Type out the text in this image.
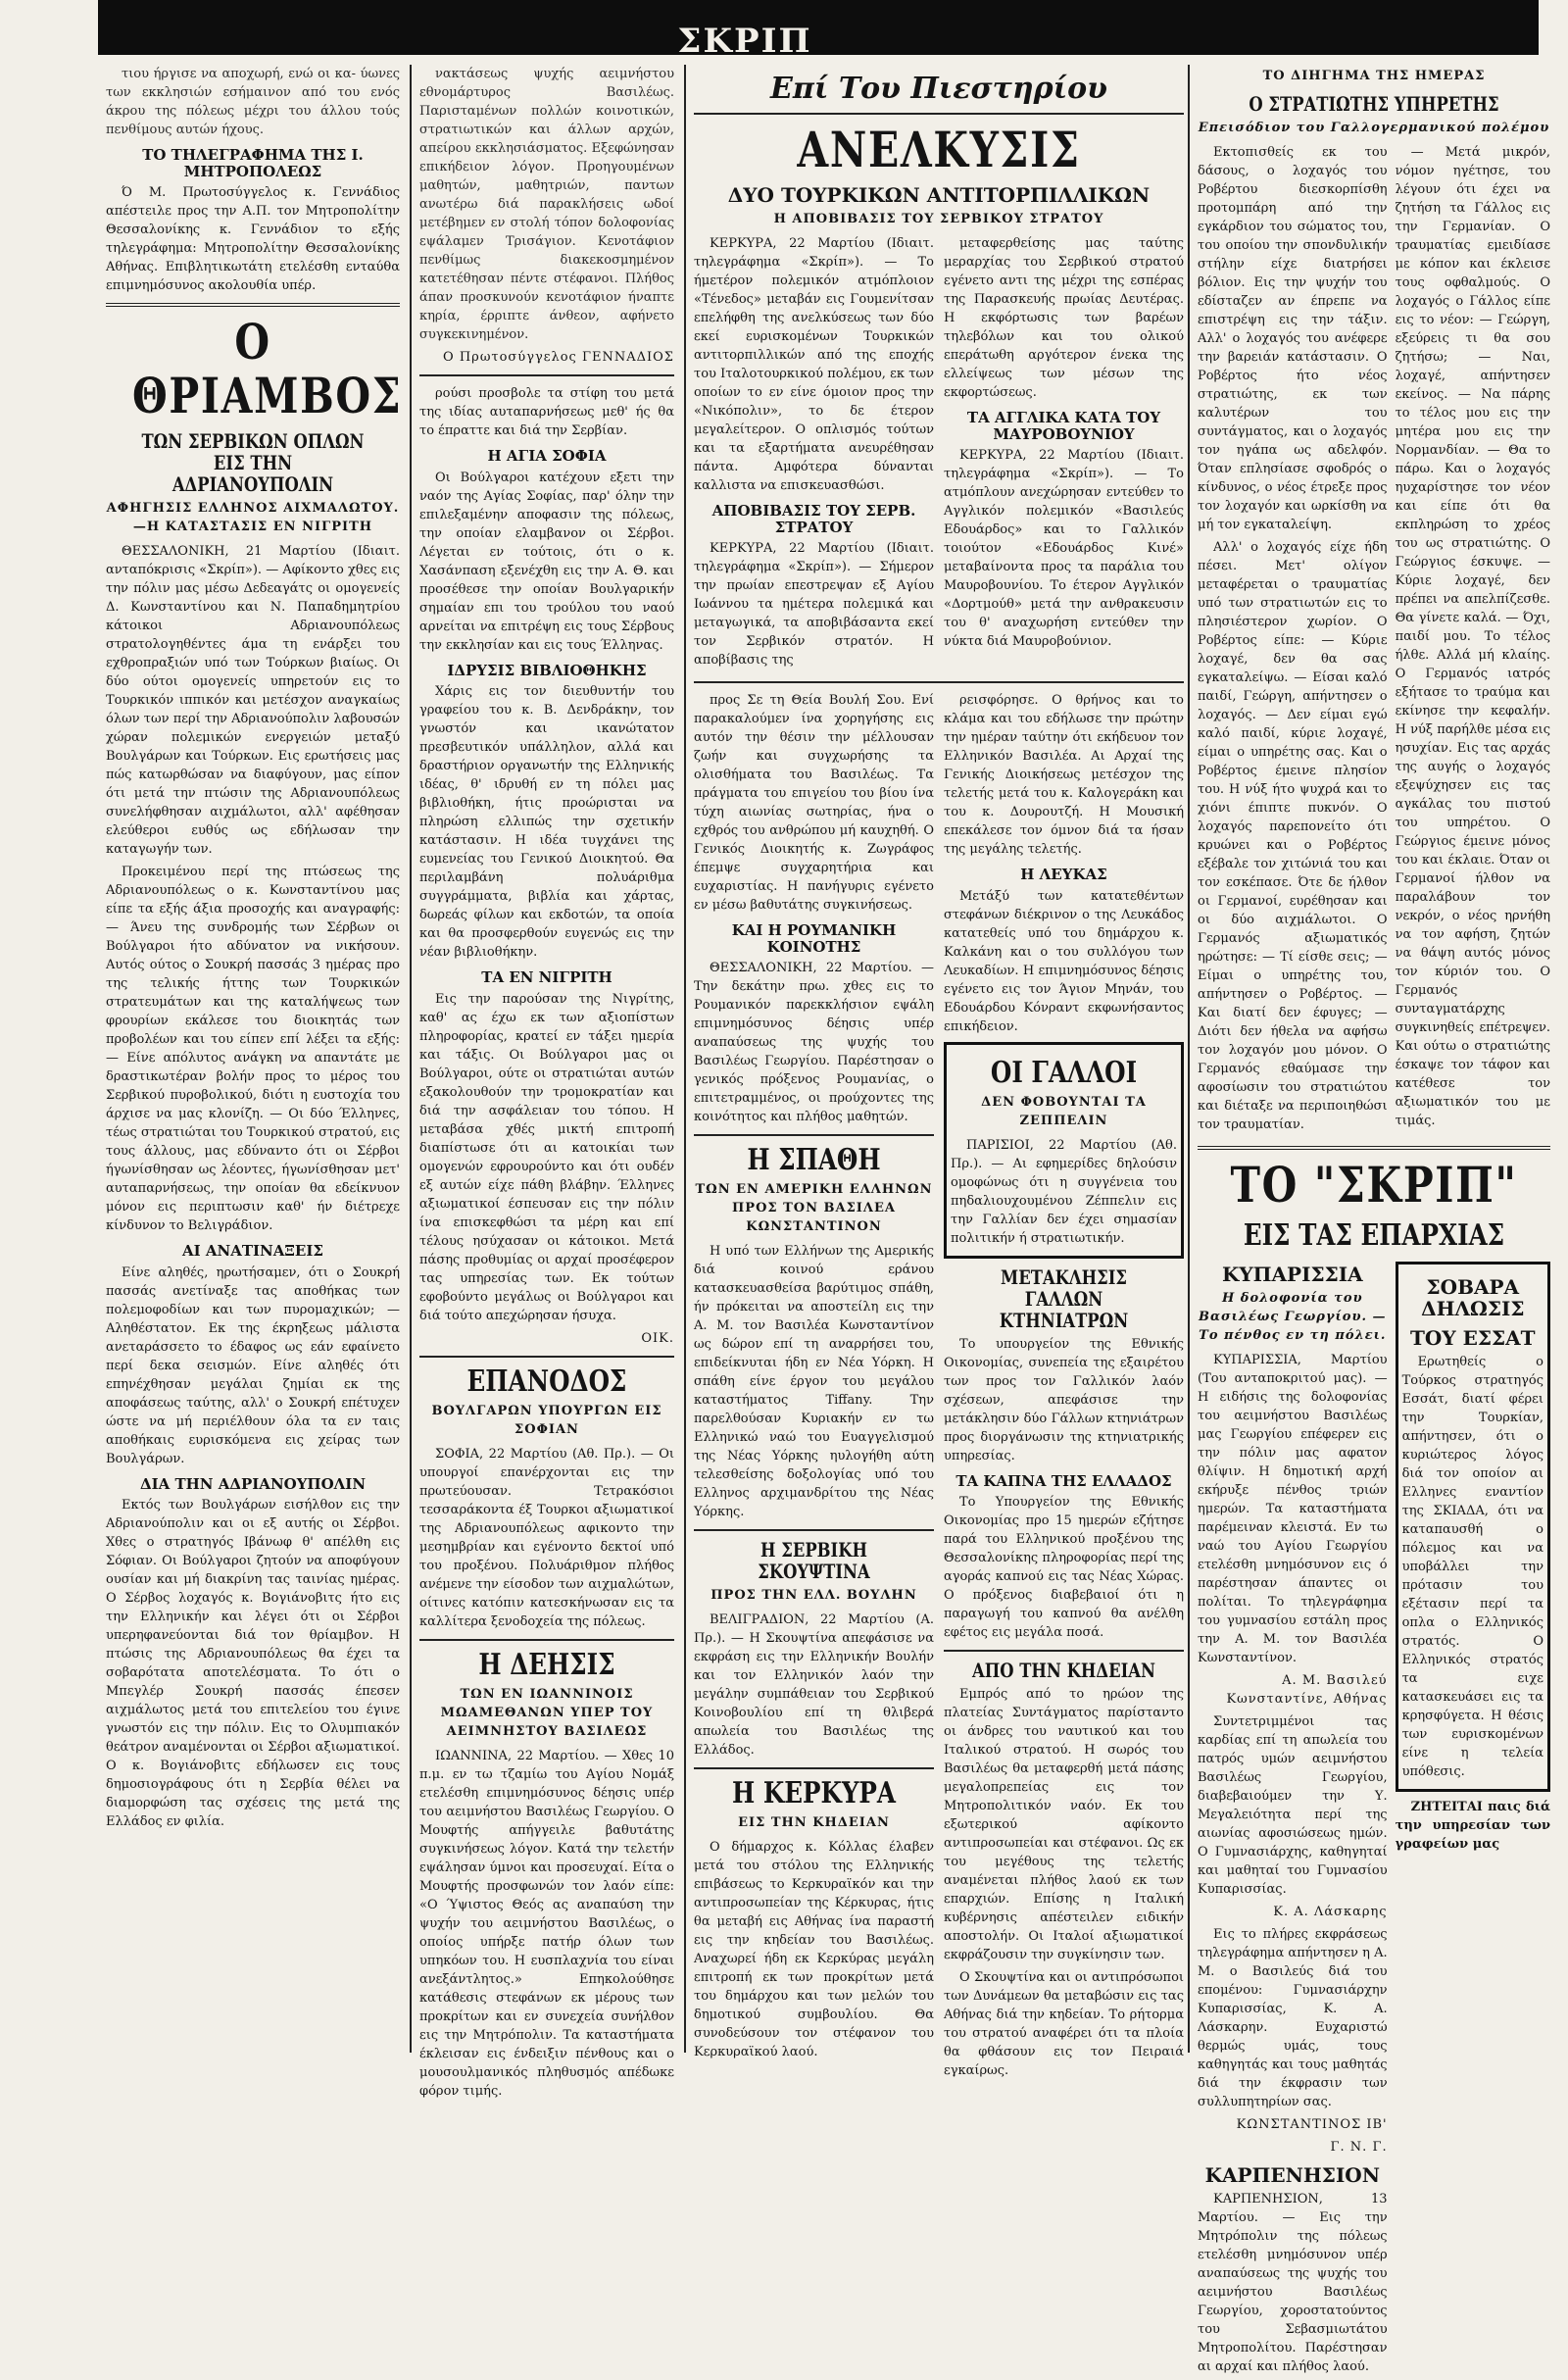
ΣΚΡΙΠ

τιου ήργισε να αποχωρή, ενώ οι κα- ύωνες των εκκλησιών εσήμαινον από του ενός άκρου της πόλεως μέχρι του άλλου τούς πενθίμους αυτών ήχους.

ΤΟ ΤΗΛΕΓΡΑΦΗΜΑ ΤΗΣ Ι. ΜΗΤΡΟΠΟΛΕΩΣ

Ό Μ. Πρωτοσύγγελος κ. Γεννάδιος απέστειλε προς την Α.Π. τον Μητροπολίτην Θεσσαλονίκης κ. Γεννάδιον το εξής τηλεγράφημα: Μητροπολίτην Θεσσαλονίκης Αθήνας. Επιβλητικωτάτη ετελέσθη ενταύθα επιμνημόσυνος ακολουθία υπέρ.

Ο ΘΡΙΑΜΒΟΣ
ΤΩΝ ΣΕΡΒΙΚΩΝ ΟΠΛΩΝ ΕΙΣ ΤΗΝ ΑΔΡΙΑΝΟΥΠΟΛΙΝ
ΑΦΗΓΗΣΙΣ ΕΛΛΗΝΟΣ ΑΙΧΜΑΛΩΤΟΥ.—Η ΚΑΤΑΣΤΑΣΙΣ ΕΝ ΝΙΓΡΙΤΗ

ΘΕΣΣΑΛΟΝΙΚΗ, 21 Μαρτίου (Ιδιαιτ. ανταπόκρισις «Σκρίπ»). — Αφίκοντο χθες εις την πόλιν μας μέσω Δεδεαγάτς οι ομογενείς Δ. Κωνσταντίνου και Ν. Παπαδημητρίου κάτοικοι Αδριανουπόλεως στρατολογηθέντες άμα τη ενάρξει του εχθροπραξιών υπό των Τούρκων βιαίως. Οι δύο ούτοι ομογενείς υπηρετούν εις το Τουρκικόν ιππικόν και μετέσχον αναγκαίως όλων των περί την Αδριανούπολιν λαβουσών χώραν πολεμικών ενεργειών μεταξύ Βουλγάρων και Τούρκων. Εις ερωτήσεις μας πώς κατωρθώσαν να διαφύγουν, μας είπον ότι μετά την πτώσιν της Αδριανουπόλεως συνελήφθησαν αιχμάλωτοι, αλλ' αφέθησαν ελεύθεροι ευθύς ως εδήλωσαν την καταγωγήν των.

Προκειμένου περί της πτώσεως της Αδριανουπόλεως ο κ. Κωνσταντίνου μας είπε τα εξής άξια προσοχής και αναγραφής: — Άνευ της συνδρομής των Σέρβων οι Βούλγαροι ήτο αδύνατον να νικήσουν. Αυτός ούτος ο Σουκρή πασσάς 3 ημέρας προ της τελικής ήττης των Τουρκικών στρατευμάτων και της καταλήψεως των φρουρίων εκάλεσε του διοικητάς των προβολέων και του είπεν επί λέξει τα εξής: — Είνε απόλυτος ανάγκη να απαντάτε με δραστικωτέραν βολήν προς το μέρος του Σερβικού πυροβολικού, διότι η ευστοχία του άρχισε να μας κλονίζη. — Οι δύο Έλληνες, τέως στρατιώται του Τουρκικού στρατού, εις τους άλλους, μας εδύναντο ότι οι Σέρβοι ήγωνίσθησαν ως λέοντες, ήγωνίσθησαν μετ' αυταπαρνήσεως, την οποίαν θα εδείκνυον μόνον εις περιπτωσιν καθ' ήν διέτρεχε κίνδυνον το Βελιγράδιον.

ΑΙ ΑΝΑΤΙΝΑΞΕΙΣ

Είνε αληθές, ηρωτήσαμεν, ότι ο Σουκρή πασσάς ανετίναξε τας αποθήκας των πολεμοφοδίων και των πυρομαχικών; — Αληθέστατον. Εκ της έκρηξεως μάλιστα ανεταράσσετο το έδαφος ως εάν εφαίνετο περί δεκα σεισμών. Είνε αληθές ότι επηνέχθησαν μεγάλαι ζημίαι εκ της αποφάσεως ταύτης, αλλ' ο Σουκρή επέτυχεν ώστε να μή περιέλθουν όλα τα εν ταις αποθήκαις ευρισκόμενα εις χείρας των Βουλγάρων.

ΔΙΑ ΤΗΝ ΑΔΡΙΑΝΟΥΠΟΛΙΝ

Εκτός των Βουλγάρων εισήλθον εις την Αδριανούπολιν και οι εξ αυτής οι Σέρβοι. Χθες ο στρατηγός Ιβάνωφ θ' απέλθη εις Σόφιαν. Οι Βούλγαροι ζητούν να αποφύγουν ουσίαν και μή διακρίνη τας ταινίας ημέρας. Ο Σέρβος λοχαγός κ. Βογιάνοβιτς ήτο εις την Ελληνικήν και λέγει ότι οι Σέρβοι υπερηφανεύονται διά τον θρίαμβον. Η πτώσις της Αδριανουπόλεως θα έχει τα σοβαρότατα αποτελέσματα. Το ότι ο Μπεγλέρ Σουκρή πασσάς έπεσεν αιχμάλωτος μετά του επιτελείου του έγινε γνωστόν εις την πόλιν. Εις το Ολυμπιακόν θεάτρον αναμένονται οι Σέρβοι αξιωματικοί. Ο κ. Βογιάνοβιτς εδήλωσεν εις τους δημοσιογράφους ότι η Σερβία θέλει να διαμορφώση τας σχέσεις της μετά της Ελλάδος εν φιλία.

νακτάσεως ψυχής αειμνήστου εθνομάρτυρος Βασιλέως. Παρισταμένων πολλών κοινοτικών, στρατιωτικών και άλλων αρχών, απείρου εκκλησιάσματος. Εξεφώνησαν επικήδειον λόγον. Προηγουμένων μαθητών, μαθητριών, παντων ανωτέρω διά παρακλήσεις ωδοί μετέβημεν εν στολή τόπον δολοφονίας εψάλαμεν Τρισάγιον. Κενοτάφιον πενθίμως διακεκοσμημένον κατετέθησαν πέντε στέφανοι. Πλήθος άπαν προσκυνούν κενοτάφιον ήναπτε κηρία, έρριπτε άνθεον, αφήνετο συγκεκινημένον.

Ο Πρωτοσύγγελος ΓΕΝΝΑΔΙΟΣ

ρούσι προσβολε τα στίφη του μετά της ιδίας αυταπαρνήσεως μεθ' ής θα το έπραττε και διά την Σερβίαν.

Η ΑΓΙΑ ΣΟΦΙΑ

Οι Βούλγαροι κατέχουν εξετι την ναόν της Αγίας Σοφίας, παρ' όλην την επιλεξαμένην αποφασιν της πόλεως, την οποίαν ελαμβανον οι Σέρβοι. Λέγεται εν τούτοις, ότι ο κ. Χασάνπαση εξενέχθη εις την Α. Θ. και προσέθεσε την οποίαν Βουλγαρικήν σημαίαν επι του τρούλου του ναού αρνείται να επιτρέψη εις τους Σέρβους την εκκλησίαν και εις τους Έλληνας.

ΙΔΡΥΣΙΣ ΒΙΒΛΙΟΘΗΚΗΣ

Χάρις εις τον διευθυντήν του γραφείου του κ. Β. Δενδράκην, τον γνωστόν και ικανώτατον πρεσβευτικόν υπάλληλον, αλλά και δραστήριον οργανωτήν της Ελληνικής ιδέας, θ' ιδρυθή εν τη πόλει μας βιβλιοθήκη, ήτις προώρισται να πληρώση ελλιπώς την σχετικήν κατάστασιν. Η ιδέα τυγχάνει της ευμενείας του Γενικού Διοικητού. Θα περιλαμβάνη πολυάριθμα συγγράμματα, βιβλία και χάρτας, δωρεάς φίλων και εκδοτών, τα οποία και θα προσφερθούν ευγενώς εις την νέαν βιβλιοθήκην.

ΤΑ ΕΝ ΝΙΓΡΙΤΗ

Εις την παρούσαν της Νιγρίτης, καθ' ας έχω εκ των αξιοπίστων πληροφορίας, κρατεί εν τάξει ημερία και τάξις. Οι Βούλγαροι μας οι Βούλγαροι, ούτε οι στρατιώται αυτών εξακολουθούν την τρομοκρατίαν και διά την ασφάλειαν του τόπου. Η μεταβάσα χθές μικτή επιτροπή διαπίστωσε ότι αι κατοικίαι των ομογενών εφρουρούντο και ότι ουδέν εξ αυτών είχε πάθη βλάβην. Έλληνες αξιωματικοί έσπευσαν εις την πόλιν ίνα επισκεφθώσι τα μέρη και επί τέλους ησύχασαν οι κάτοικοι. Μετά πάσης προθυμίας οι αρχαί προσέφερον τας υπηρεσίας των. Εκ τούτων εφοβούντο μεγάλως οι Βούλγαροι και διά τούτο απεχώρησαν ήσυχα.

ΟΙΚ.
ΕΠΑΝΟΔΟΣ
ΒΟΥΛΓΑΡΩΝ ΥΠΟΥΡΓΩΝ ΕΙΣ ΣΟΦΙΑΝ

ΣΟΦΙΑ, 22 Μαρτίου (Αθ. Πρ.). — Οι υπουργοί επανέρχονται εις την πρωτεύουσαν. Τετρακόσιοι τεσσαράκοντα έξ Τουρκοι αξιωματικοί της Αδριανουπόλεως αφικοντο την μεσημβρίαν και εγένοντο δεκτοί υπό του προξένου. Πολυάριθμον πλήθος ανέμενε την είσοδον των αιχμαλώτων, οίτινες κατόπιν κατεσκήνωσαν εις τα καλλίτερα ξενοδοχεία της πόλεως.

Η ΔΕΗΣΙΣ
ΤΩΝ ΕΝ ΙΩΑΝΝΙΝΟΙΣ ΜΩΑΜΕΘΑΝΩΝ ΥΠΕΡ ΤΟΥ ΑΕΙΜΝΗΣΤΟΥ ΒΑΣΙΛΕΩΣ

ΙΩΑΝΝΙΝΑ, 22 Μαρτίου. — Χθες 10 π.μ. εν τω τζαμίω του Αγίου Νομάξ ετελέσθη επιμνημόσυνος δέησις υπέρ του αειμνήστου Βασιλέως Γεωργίου. Ο Μουφτής απήγγειλε βαθυτάτης συγκινήσεως λόγον. Κατά την τελετήν εψάλησαν ύμνοι και προσευχαί. Είτα ο Μουφτής προσφωνών τον λαόν είπε: «Ο Ύψιστος Θεός ας αναπαύση την ψυχήν του αειμνήστου Βασιλέως, ο οποίος υπήρξε πατήρ όλων των υπηκόων του. Η ευσπλαχνία του είναι ανεξάντλητος.» Επηκολούθησε κατάθεσις στεφάνων εκ μέρους των προκρίτων και εν συνεχεία συνήλθον εις την Μητρόπολιν. Τα καταστήματα έκλεισαν εις ένδειξιν πένθους και ο μουσουλμανικός πληθυσμός απέδωκε φόρον τιμής.

Επί Του Πιεστηρίου
ΑΝΕΛΚΥΣΙΣ
ΔΥΟ ΤΟΥΡΚΙΚΩΝ ΑΝΤΙΤΟΡΠΙΛΛΙΚΩΝ
Η ΑΠΟΒΙΒΑΣΙΣ ΤΟΥ ΣΕΡΒΙΚΟΥ ΣΤΡΑΤΟΥ

ΚΕΡΚΥΡΑ, 22 Μαρτίου (Ιδιαιτ. τηλεγράφημα «Σκρίπ»). — Το ήμετέρον πολεμικόν ατμόπλοιον «Τένεδος» μεταβάν εις Γουμενίτσαν επελήφθη της ανελκύσεως των δύο εκεί ευρισκομένων Τουρκικών αντιτορπιλλικών από της εποχής του Ιταλοτουρκικού πολέμου, εκ των οποίων το εν είνε όμοιον προς την «Νικόπολιν», το δε έτερον μεγαλείτερον. Ο οπλισμός τούτων και τα εξαρτήματα ανευρέθησαν πάντα. Αμφότερα δύνανται καλλιστα να επισκευασθώσι.

ΑΠΟΒΙΒΑΣΙΣ ΤΟΥ ΣΕΡΒ. ΣΤΡΑΤΟΥ

ΚΕΡΚΥΡΑ, 22 Μαρτίου (Ιδιαιτ. τηλεγράφημα «Σκρίπ»). — Σήμερον την πρωίαν επεστρεψαν εξ Αγίου Ιωάννου τα ημέτερα πολεμικά και μεταγωγικά, τα αποβιβάσαντα εκεί τον Σερβικόν στρατόν. Η αποβίβασις της

μεταφερθείσης μας ταύτης μεραρχίας του Σερβικού στρατού εγένετο αντι της μέχρι της εσπέρας της Παρασκευής πρωίας Δευτέρας. Η εκφόρτωσις των βαρέων τηλεβόλων και του ολικού επεράτωθη αργότερον ένεκα της ελλείψεως των μέσων της εκφορτώσεως.

ΤΑ ΑΓΓΛΙΚΑ ΚΑΤΑ ΤΟΥ ΜΑΥΡΟΒΟΥΝΙΟΥ

ΚΕΡΚΥΡΑ, 22 Μαρτίου (Ιδιαιτ. τηλεγράφημα «Σκρίπ»). — Το ατμόπλουν ανεχώρησαν εντεύθεν το Αγγλικόν πολεμικόν «Βασιλεύς Εδουάρδος» και το Γαλλικόν τοιούτον «Εδουάρδος Κινέ» μεταβαίνοντα προς τα παράλια του Μαυροβουνίου. Το έτερον Αγγλικόν «Δορτμούθ» μετά την ανθρακευσιν του θ' αναχωρήση εντεύθεν την νύκτα διά Μαυροβούνιον.

προς Σε τη Θεία Βουλή Σου. Ενί παρακαλούμεν ίνα χορηγήσης εις αυτόν την θέσιν την μέλλουσαν ζωήν και συγχωρήσης τα ολισθήματα του Βασιλέως. Τα πράγματα του επιγείου του βίου ίνα τύχη αιωνίας σωτηρίας, ήνα ο εχθρός του ανθρώπου μή καυχηθή. Ο Γενικός Διοικητής κ. Ζωγράφος έπεμψε συγχαρητήρια και ευχαριστίας. Η πανήγυρις εγένετο εν μέσω βαθυτάτης συγκινήσεως.

ΚΑΙ Η ΡΟΥΜΑΝΙΚΗ ΚΟΙΝΟΤΗΣ

ΘΕΣΣΑΛΟΝΙΚΗ, 22 Μαρτίου. — Την δεκάτην πρω. χθες εις το Ρουμανικόν παρεκκλήσιον εψάλη επιμνημόσυνος δέησις υπέρ αναπαύσεως της ψυχής του Βασιλέως Γεωργίου. Παρέστησαν ο γενικός πρόξενος Ρουμανίας, ο επιτετραμμένος, οι προύχοντες της κοινότητος και πλήθος μαθητών.

Η ΣΠΑΘΗ
ΤΩΝ ΕΝ ΑΜΕΡΙΚΗ ΕΛΛΗΝΩΝ ΠΡΟΣ ΤΟΝ ΒΑΣΙΛΕΑ ΚΩΝΣΤΑΝΤΙΝΟΝ

Η υπό των Ελλήνων της Αμερικής διά κοινού εράνου κατασκευασθείσα βαρύτιμος σπάθη, ήν πρόκειται να αποστείλη εις την Α. Μ. τον Βασιλέα Κωνσταντίνον ως δώρον επί τη αναρρήσει του, επιδείκνυται ήδη εν Νέα Υόρκη. Η σπάθη είνε έργον του μεγάλου καταστήματος Tiffany. Την παρελθούσαν Κυριακήν εν τω Ελληνικώ ναώ του Ευαγγελισμού της Νέας Υόρκης ηυλογήθη αύτη τελεσθείσης δοξολογίας υπό του Ελληνος αρχιμανδρίτου της Νέας Υόρκης.

Η ΣΕΡΒΙΚΗ ΣΚΟΥΨΤΙΝΑ
ΠΡΟΣ ΤΗΝ ΕΛΛ. ΒΟΥΛΗΝ

ΒΕΛΙΓΡΑΔΙΟΝ, 22 Μαρτίου (Α. Πρ.). — Η Σκουψτίνα απεφάσισε να εκφράση εις την Ελληνικήν Βουλήν και τον Ελληνικόν λαόν την μεγάλην συμπάθειαν του Σερβικού Κοινοβουλίου επί τη θλιβερά απωλεία του Βασιλέως της Ελλάδος.

Η ΚΕΡΚΥΡΑ
ΕΙΣ ΤΗΝ ΚΗΔΕΙΑΝ

Ο δήμαρχος κ. Κόλλας έλαβεν μετά του στόλου της Ελληνικής επιβάσεως το Κερκυραϊκόν και την αντιπροσωπείαν της Κέρκυρας, ήτις θα μεταβή εις Αθήνας ίνα παραστή εις την κηδείαν του Βασιλέως. Αναχωρεί ήδη εκ Κερκύρας μεγάλη επιτροπή εκ των προκρίτων μετά του δημάρχου και των μελών του δημοτικού συμβουλίου. Θα συνοδεύσουν τον στέφανον του Κερκυραϊκού λαού.

ρεισφόρησε. Ο θρήνος και το κλάμα και του εδήλωσε την πρώτην την ημέραν ταύτην ότι εκήδευον τον Ελληνικόν Βασιλέα. Αι Αρχαί της Γενικής Διοικήσεως μετέσχον της τελετής μετά του κ. Καλογεράκη και του κ. Δουρουτζή. Η Μουσική επεκάλεσε τον όμνον διά τα ήσαν της μεγάλης τελετής.

Η ΛΕΥΚΑΣ

Μετάξύ των κατατεθέντων στεφάνων διέκρινον ο της Λευκάδος κατατεθείς υπό του δημάρχου κ. Καλκάνη και ο του συλλόγου των Λευκαδίων. Η επιμνημόσυνος δέησις εγένετο εις τον Άγιον Μηνάν, του Εδουάρδου Κόνραντ εκφωνήσαντος επικήδειον.

ΟΙ ΓΑΛΛΟΙ
ΔΕΝ ΦΟΒΟΥΝΤΑΙ ΤΑ ΖΕΠΠΕΛΙΝ

ΠΑΡΙΣΙΟΙ, 22 Μαρτίου (Αθ. Πρ.). — Αι εφημερίδες δηλούσιν ομοφώνως ότι η συγγένεια του πηδαλιουχουμένου Ζέππελιν εις την Γαλλίαν δεν έχει σημασίαν πολιτικήν ή στρατιωτικήν.

ΜΕΤΑΚΛΗΣΙΣ ΓΑΛΛΩΝ ΚΤΗΝΙΑΤΡΩΝ

Το υπουργείον της Εθνικής Οικονομίας, συνεπεία της εξαιρέτου των προς τον Γαλλικόν λαόν σχέσεων, απεφάσισε την μετάκλησιν δύο Γάλλων κτηνιάτρων προς διοργάνωσιν της κτηνιατρικής υπηρεσίας.

ΤΑ ΚΑΠΝΑ ΤΗΣ ΕΛΛΑΔΟΣ

Το Υπουργείον της Εθνικής Οικονομίας προ 15 ημερών εζήτησε παρά του Ελληνικού προξένου της Θεσσαλονίκης πληροφορίας περί της αγοράς καπνού εις τας Νέας Χώρας. Ο πρόξενος διαβεβαιοί ότι η παραγωγή του καπνού θα ανέλθη εφέτος εις μεγάλα ποσά.

ΑΠΟ ΤΗΝ ΚΗΔΕΙΑΝ

Εμπρός από το ηρώον της πλατείας Συντάγματος παρίσταντο οι άνδρες του ναυτικού και του Ιταλικού στρατού. Η σωρός του Βασιλέως θα μεταφερθή μετά πάσης μεγαλοπρεπείας εις τον Μητροπολιτικόν ναόν. Εκ του εξωτερικού αφίκοντο αντιπροσωπείαι και στέφανοι. Ως εκ του μεγέθους της τελετής αναμένεται πλήθος λαού εκ των επαρχιών. Επίσης η Ιταλική κυβέρνησις απέστειλεν ειδικήν αποστολήν. Οι Ιταλοί αξιωματικοί εκφράζουσιν την συγκίνησιν των.

Ο Σκουψτίνα και οι αντιπρόσωποι των Δυνάμεων θα μεταβώσιν εις τας Αθήνας διά την κηδείαν. Το ρήτορμα του στρατού αναφέρει ότι τα πλοία θα φθάσουν εις τον Πειραιά εγκαίρως.

ΤΟ ΔΙΗΓΗΜΑ ΤΗΣ ΗΜΕΡΑΣ
Ο ΣΤΡΑΤΙΩΤΗΣ ΥΠΗΡΕΤΗΣ
Επεισόδιον του Γαλλογερμανικού πολέμου

Εκτοπισθείς εκ του δάσους, ο λοχαγός του Ροβέρτου διεσκορπίσθη προτομπάρη από την εγκάρδιον του σώματος του, του οποίου την σπονδυλικήν στήλην είχε διατρήσει βόλιον. Εις την ψυχήν του εδίσταζεν αν έπρεπε να επιστρέψη εις την τάξιν. Αλλ' ο λοχαγός του ανέφερε την βαρειάν κατάστασιν. Ο Ροβέρτος ήτο νέος στρατιώτης, εκ των καλυτέρων του συντάγματος, και ο λοχαγός τον ηγάπα ως αδελφόν. Όταν επλησίασε σφοδρός ο κίνδυνος, ο νέος έτρεξε προς τον λοχαγόν και ωρκίσθη να μή τον εγκαταλείψη.

Αλλ' ο λοχαγός είχε ήδη πέσει. Μετ' ολίγον μεταφέρεται ο τραυματίας υπό των στρατιωτών εις το πλησιέστερον χωρίον. Ο Ροβέρτος είπε: — Κύριε λοχαγέ, δεν θα σας εγκαταλείψω. — Είσαι καλό παιδί, Γεώργη, απήντησεν ο λοχαγός. — Δεν είμαι εγώ καλό παιδί, κύριε λοχαγέ, είμαι ο υπηρέτης σας. Και ο Ροβέρτος έμεινε πλησίον του. Η νύξ ήτο ψυχρά και το χιόνι έπιπτε πυκνόν. Ο λοχαγός παρεπονείτο ότι κρυώνει και ο Ροβέρτος εξέβαλε τον χιτώνιά του και τον εσκέπασε. Ότε δε ήλθον οι Γερμανοί, ευρέθησαν και οι δύο αιχμάλωτοι. Ο Γερμανός αξιωματικός ηρώτησε: — Τί είσθε σεις; — Είμαι ο υπηρέτης του, απήντησεν ο Ροβέρτος. — Και διατί δεν έφυγες; — Διότι δεν ήθελα να αφήσω τον λοχαγόν μου μόνον. Ο Γερμανός εθαύμασε την αφοσίωσιν του στρατιώτου και διέταξε να περιποιηθώσι τον τραυματίαν.

— Μετά μικρόν, νόμον ηγέτησε, του λέγουν ότι έχει να ζητήση τα Γάλλος εις την Γερμανίαν. Ο τραυματίας εμειδίασε με κόπον και έκλεισε τους οφθαλμούς. Ο λοχαγός ο Γάλλος είπε εις το νέον: — Γεώργη, εξεύρεις τι θα σου ζητήσω; — Ναι, λοχαγέ, απήντησεν εκείνος. — Να πάρης το τέλος μου εις την μητέρα μου εις την Νορμανδίαν. — Θα το πάρω. Και ο λοχαγός ηυχαρίστησε τον νέον και είπε ότι θα εκπληρώση το χρέος του ως στρατιώτης. Ο Γεώργιος έσκυψε. — Κύριε λοχαγέ, δεν πρέπει να απελπίζεσθε. Θα γίνετε καλά. — Όχι, παιδί μου. Το τέλος ήλθε. Αλλά μή κλαίης. Ο Γερμανός ιατρός εξήτασε το τραύμα και εκίνησε την κεφαλήν. Η νύξ παρήλθε μέσα εις ησυχίαν. Εις τας αρχάς της αυγής ο λοχαγός εξεψύχησεν εις τας αγκάλας του πιστού του υπηρέτου. Ο Γεώργιος έμεινε μόνος του και έκλαιε. Όταν οι Γερμανοί ήλθον να παραλάβουν τον νεκρόν, ο νέος ηρνήθη να τον αφήση, ζητών να θάψη αυτός μόνος τον κύριόν του. Ο Γερμανός συνταγματάρχης συγκινηθείς επέτρεψεν. Και ούτω ο στρατιώτης έσκαψε τον τάφον και κατέθεσε τον αξιωματικόν του με τιμάς.

ΤΟ "ΣΚΡΙΠ"
ΕΙΣ ΤΑΣ ΕΠΑΡΧΙΑΣ
ΚΥΠΑΡΙΣΣΙΑ
Η δολοφονία του Βασιλέως Γεωργίου. — Το πένθος εν τη πόλει.

ΚΥΠΑΡΙΣΣΙΑ, Μαρτίου (Του ανταποκριτού μας). — Η ειδήσις της δολοφονίας του αειμνήστου Βασιλέως μας Γεωργίου επέφερεν εις την πόλιν μας αφατον θλίψιν. Η δημοτική αρχή εκήρυξε πένθος τριών ημερών. Τα καταστήματα παρέμειναν κλειστά. Εν τω ναώ του Αγίου Γεωργίου ετελέσθη μνημόσυνον εις ό παρέστησαν άπαντες οι πολίται. Το τηλεγράφημα του γυμνασίου εστάλη προς την Α. Μ. τον Βασιλέα Κωνσταντίνον.

Α. Μ. Βασιλεύ Κωνσταντίνε, Αθήνας

Συντετριμμένοι τας καρδίας επί τη απωλεία του πατρός υμών αειμνήστου Βασιλέως Γεωργίου, διαβεβαιούμεν την Υ. Μεγαλειότητα περί της αιωνίας αφοσιώσεως ημών. Ο Γυμνασιάρχης, καθηγηταί και μαθηταί του Γυμνασίου Κυπαρισσίας.

Κ. Α. Λάσκαρης

Εις το πλήρες εκφράσεως τηλεγράφημα απήντησεν η Α. Μ. ο Βασιλεύς διά του επομένου: Γυμνασιάρχην Κυπαρισσίας, Κ. Α. Λάσκαρην. Ευχαριστώ θερμώς υμάς, τους καθηγητάς και τους μαθητάς διά την έκφρασιν των συλλυπητηρίων σας.

ΚΩΝΣΤΑΝΤΙΝΟΣ ΙΒ'
Γ. Ν. Γ.
ΚΑΡΠΕΝΗΣΙΟΝ

ΚΑΡΠΕΝΗΣΙΟΝ, 13 Μαρτίου. — Εις την Μητρόπολιν της πόλεως ετελέσθη μνημόσυνον υπέρ αναπαύσεως της ψυχής του αειμνήστου Βασιλέως Γεωργίου, χοροστατούντος του Σεβασμιωτάτου Μητροπολίτου. Παρέστησαν αι αρχαί και πλήθος λαού.

ΣΟΒΑΡΑ ΔΗΛΩΣΙΣ
ΤΟΥ ΕΣΣΑΤ

Ερωτηθείς ο Τούρκος στρατηγός Εσσάτ, διατί φέρει την Τουρκίαν, απήντησεν, ότι ο κυριώτερος λόγος διά τον οποίον αι Ελληνες εναντίον της ΣΚΙΑΔΑ, ότι να καταπαυσθή ο πόλεμος και να υποβάλλει την πρότασιν του εξέτασιν περί τα οπλα ο Ελληνικός στρατός. Ο Ελληνικός στρατός τα ειχε κατασκευάσει εις τα κρησφύγετα. Η θέσις των ευρισκομένων είνε η τελεία υπόθεσις.

ΖΗΤΕΙΤΑΙ παις διά την υπηρεσίαν των γραφείων μας
